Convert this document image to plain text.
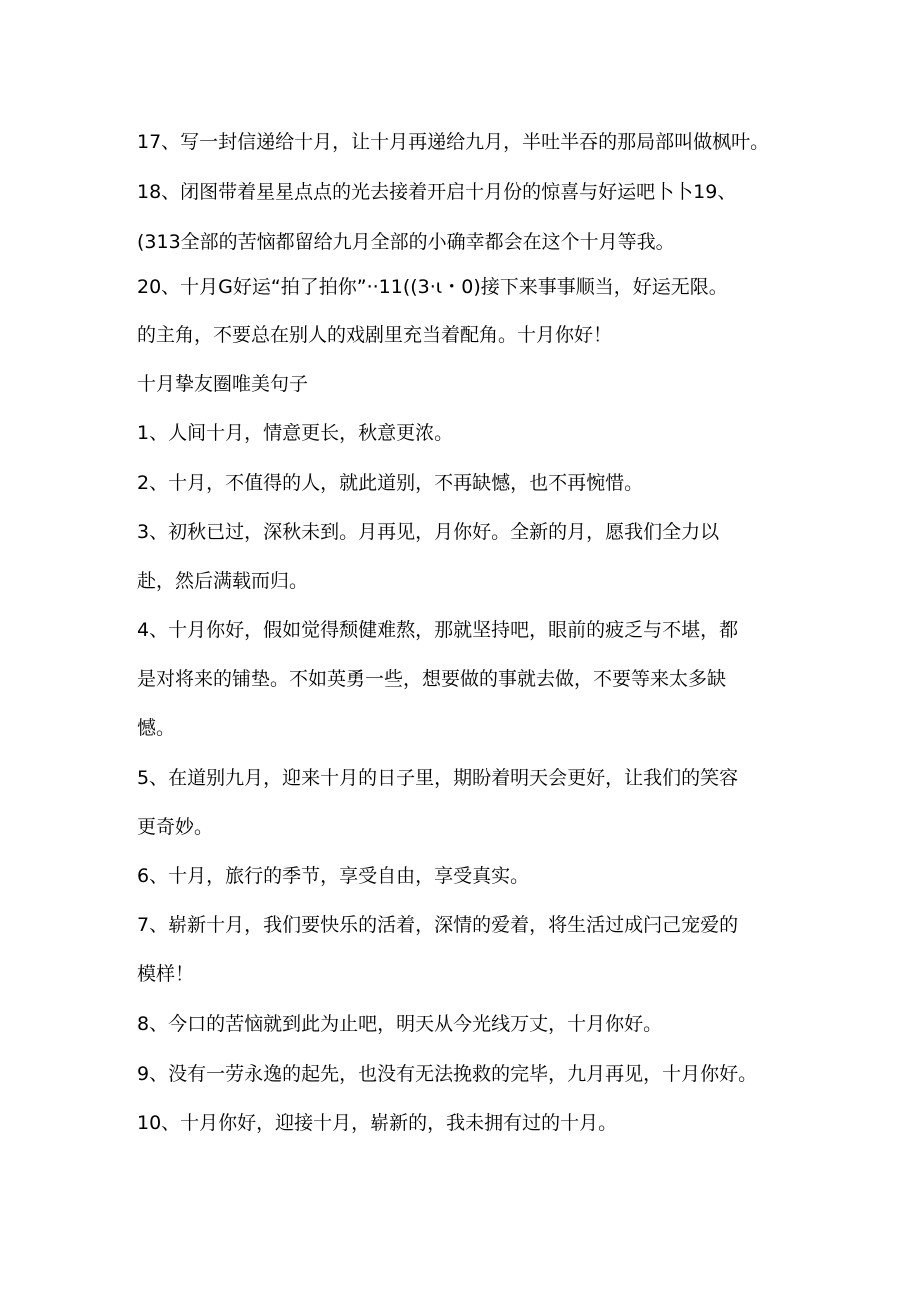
17、写一封信递给十月，让十月再递给九月，半吐半吞的那局部叫做枫叶。
18、闭图带着星星点点的光去接着开启十月份的惊喜与好运吧卜卜19、
(313全部的苦恼都留给九月全部的小确幸都会在这个十月等我。
20、十月G好运“拍了拍你”··11((3·ι・0)接下来事事顺当，好运无限。
的主角，不要总在别人的戏剧里充当着配角。十月你好！
十月挚友圈唯美句子
1、人间十月，情意更长，秋意更浓。
2、十月，不值得的人，就此道别，不再缺憾，也不再惋惜。
3、初秋已过，深秋未到。月再见，月你好。全新的月，愿我们全力以
赴，然后满载而归。
4、十月你好，假如觉得颓健难熬，那就坚持吧，眼前的疲乏与不堪，都
是对将来的铺垫。不如英勇一些，想要做的事就去做，不要等来太多缺
憾。
5、在道别九月，迎来十月的日子里，期盼着明天会更好，让我们的笑容
更奇妙。
6、十月，旅行的季节，享受自由，享受真实。
7、崭新十月，我们要快乐的活着，深情的爱着，将生活过成闩己宠爱的
模样！
8、今口的苦恼就到此为止吧，明天从今光线万丈，十月你好。
9、没有一劳永逸的起先，也没有无法挽救的完毕，九月再见，十月你好。
10、十月你好，迎接十月，崭新的，我未拥有过的十月。
